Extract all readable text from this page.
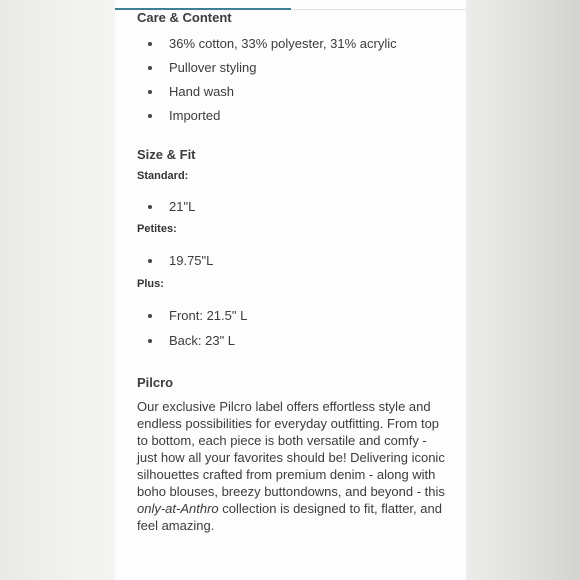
Care & Content
36% cotton, 33% polyester, 31% acrylic
Pullover styling
Hand wash
Imported
Size & Fit

Standard:

21"L

Petites:

19.75"L

Plus:

Front: 21.5" L
Back: 23" L
Pilcro

Our exclusive Pilcro label offers effortless style and endless possibilities for everyday outfitting. From top to bottom, each piece is both versatile and comfy - just how all your favorites should be! Delivering iconic silhouettes crafted from premium denim - along with boho blouses, breezy buttondowns, and beyond - this only-at-Anthro collection is designed to fit, flatter, and feel amazing.
